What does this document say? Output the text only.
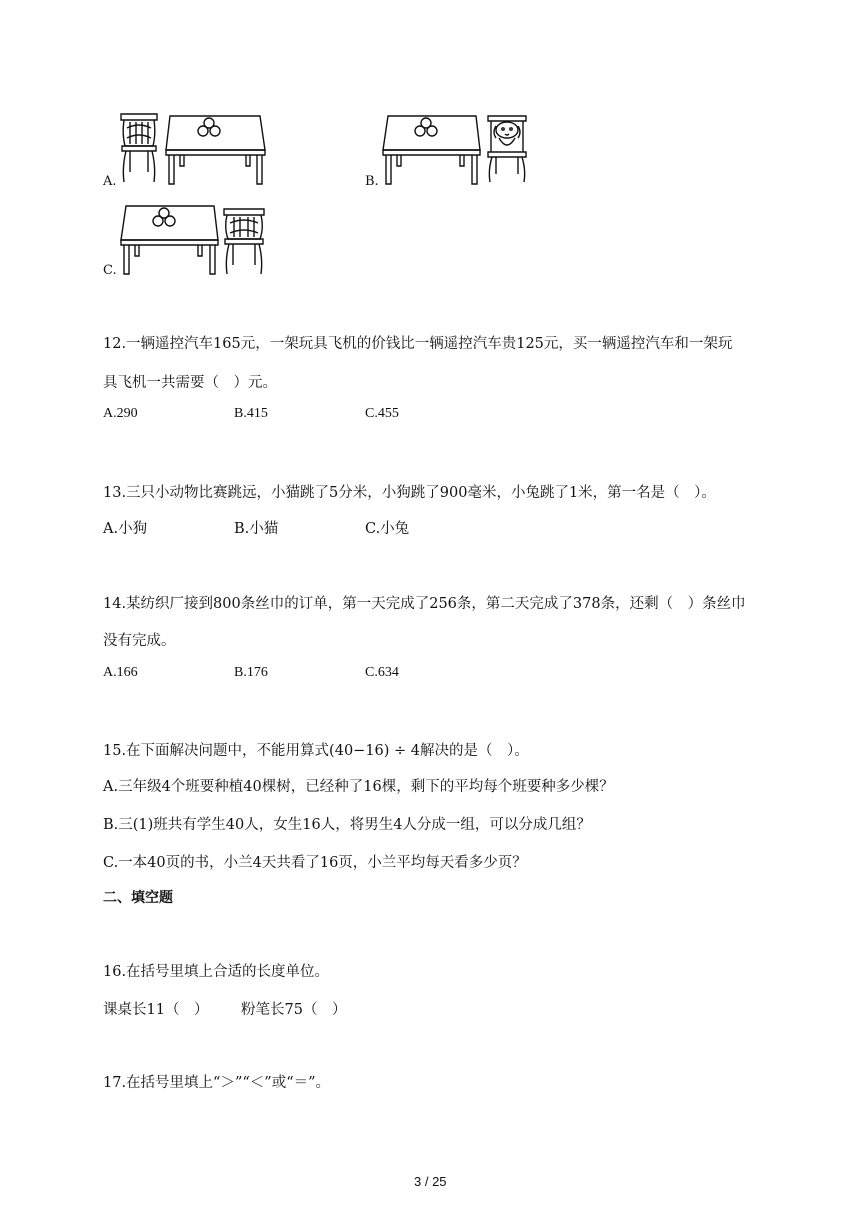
A.	B.
C.
12.一辆遥控汽车165元，一架玩具飞机的价钱比一辆遥控汽车贵125元，买一辆遥控汽车和一架玩
具飞机一共需要（　）元。
A.290	B.415	C.455
13.三只小动物比赛跳远，小猫跳了5分米，小狗跳了900毫米，小兔跳了1米，第一名是（　）。
A.小狗	B.小猫	C.小兔
14.某纺织厂接到800条丝巾的订单，第一天完成了256条，第二天完成了378条，还剩（　）条丝巾
没有完成。
A.166	B.176	C.634
15.在下面解决问题中，不能用算式(40−16) ÷ 4解决的是（　）。
A.三年级4个班要种植40棵树，已经种了16棵，剩下的平均每个班要种多少棵？
B.三(1)班共有学生40人，女生16人，将男生4人分成一组，可以分成几组？
C.一本40页的书，小兰4天共看了16页，小兰平均每天看多少页？
二、填空题
16.在括号里填上合适的长度单位。
课桌长11（　） 粉笔长75（　）
17.在括号里填上“＞”“＜”或“＝”。
3 / 25
